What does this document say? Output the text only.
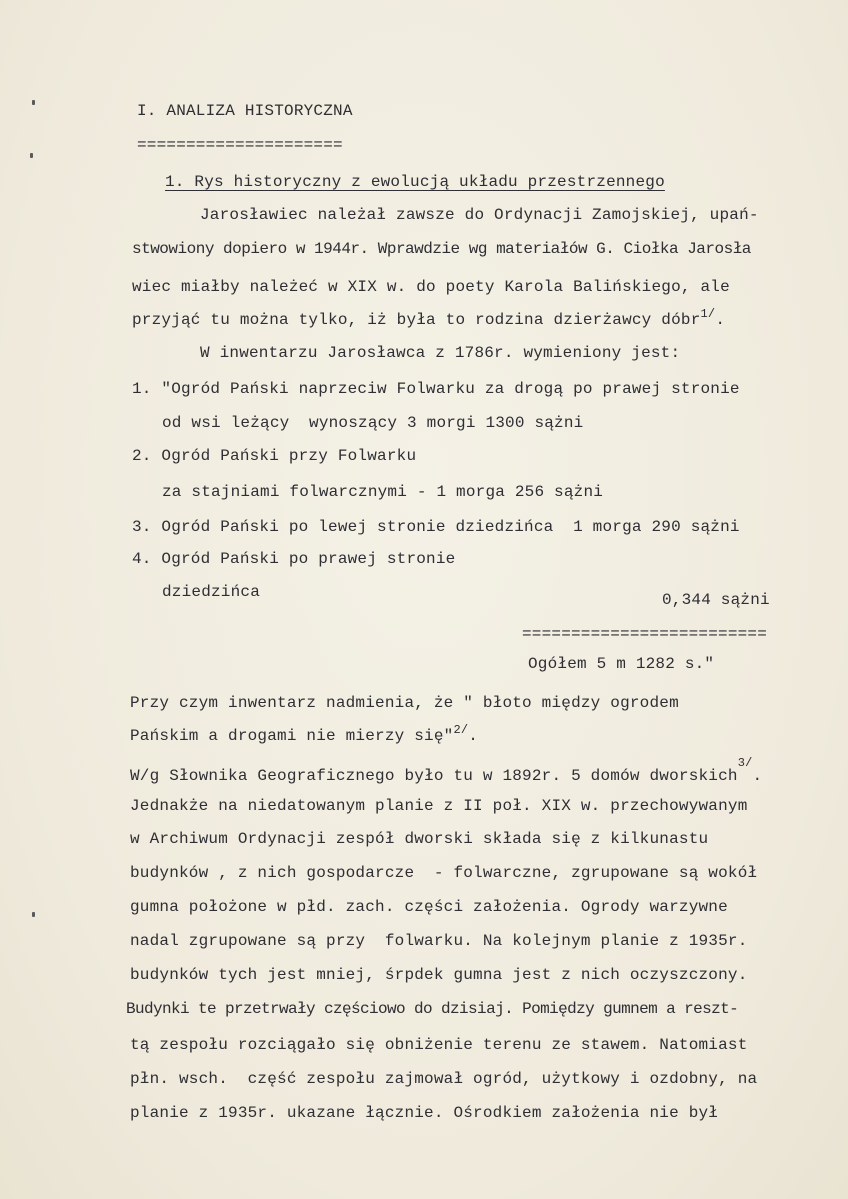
I. ANALIZA HISTORYCZNA
=====================
1. Rys historyczny z ewolucją układu przestrzennego
Jarosławiec należał zawsze do Ordynacji Zamojskiej, upań-
stwowiony dopiero w 1944r. Wprawdzie wg materiałów G. Ciołka Jarosła
wiec miałby należeć w XIX w. do poety Karola Balińskiego, ale
przyjąć tu można tylko, iż była to rodzina dzierżawcy dóbr$^{1/}$.
W inwentarzu Jarosławca z 1786r. wymieniony jest:
1. "Ogród Pański naprzeciw Folwarku za drogą po prawej stronie
od wsi leżący  wynoszący 3 morgi 1300 sążni
2. Ogród Pański przy Folwarku
za stajniami folwarcznymi - 1 morga 256 sążni
3. Ogród Pański po lewej stronie dziedzińca  1 morga 290 sążni
4. Ogród Pański po prawej stronie
dziedzińca	0,344 sążni
=========================
Ogółem 5 m 1282 s."
Przy czym inwentarz nadmienia, że " błoto między ogrodem
Pańskim a drogami nie mierzy się"$^{2/}$.
W/g Słownika Geograficznego było tu w 1892r. 5 domów dworskich$^{3/}$.
Jednakże na niedatowanym planie z II poł. XIX w. przechowywanym
w Archiwum Ordynacji zespół dworski składa się z kilkunastu
budynków , z nich gospodarcze  - folwarczne, zgrupowane są wokół
gumna położone w płd. zach. części założenia. Ogrody warzywne
nadal zgrupowane są przy  folwarku. Na kolejnym planie z 1935r.
budynków tych jest mniej, śrpdek gumna jest z nich oczyszczony.
Budynki te przetrwały częściowo do dzisiaj. Pomiędzy gumnem a reszt-
tą zespołu rozciągało się obniżenie terenu ze stawem. Natomiast
płn. wsch.  część zespołu zajmował ogród, użytkowy i ozdobny, na
planie z 1935r. ukazane łącznie. Ośrodkiem założenia nie był
